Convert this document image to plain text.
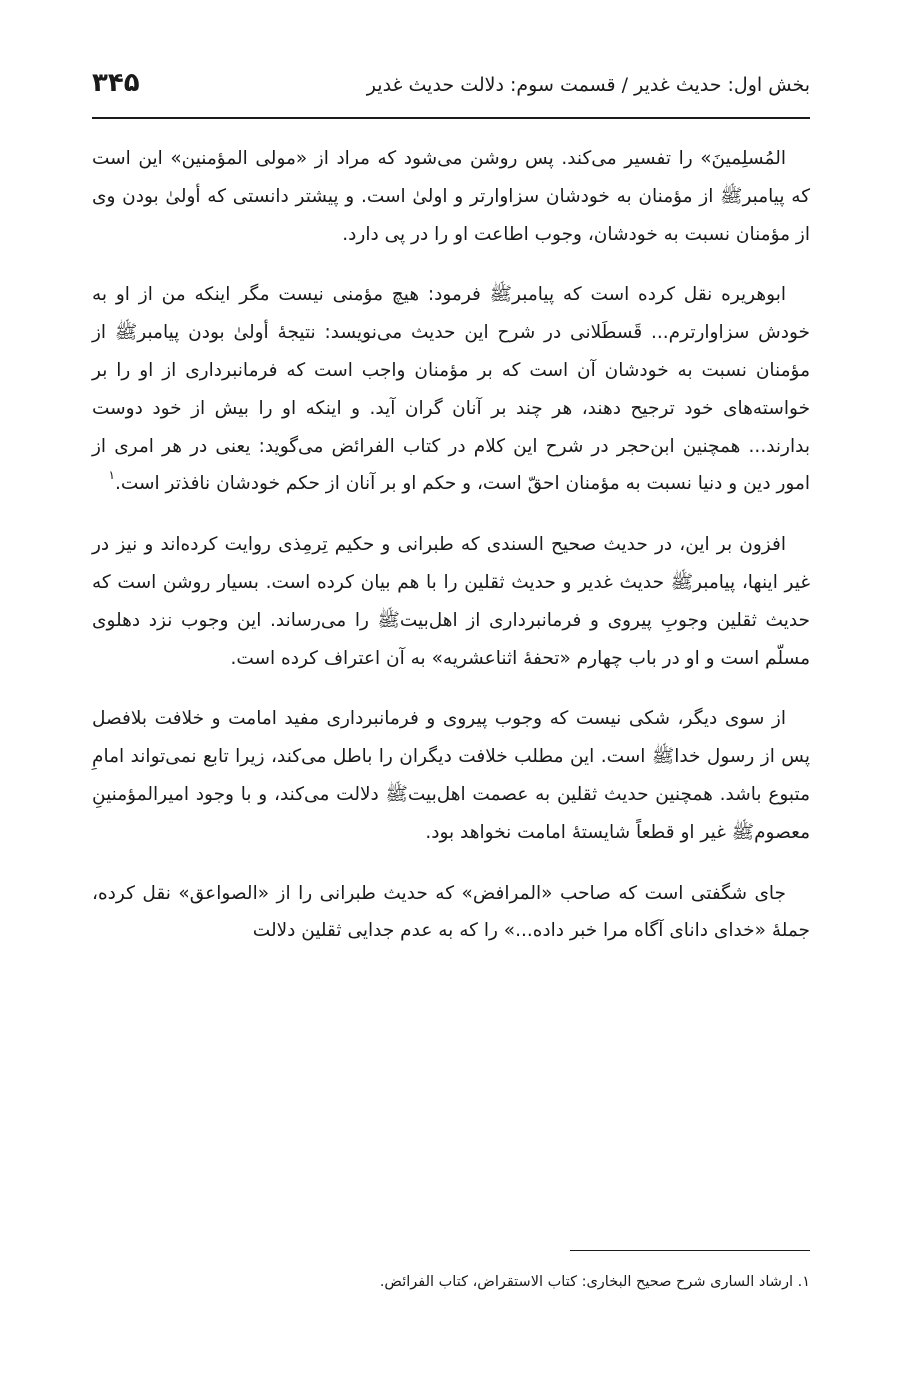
بخش اول: حديث غدير / قسمت سوم: دلالت حديث غدير
۳۴۵

المُسلِمينَ» را تفسير مى‌كند. پس روشن مى‌شود كه مراد از «مولى المؤمنين» اين است كه پيامبرﷺ از مؤمنان به خودشان سزاوارتر و اولىٰ است. و پيشتر دانستى كه أولىٰ بودن وى از مؤمنان نسبت به خودشان، وجوب اطاعت او را در پى دارد.

ابوهريره نقل كرده است كه پيامبرﷺ فرمود: هيچ مؤمنى نيست مگر اينكه من از او به خودش سزاوارترم... قَسطَلانى در شرح اين حديث مى‌نويسد: نتيجهٔ أولىٰ بودن پيامبرﷺ از مؤمنان نسبت به خودشان آن است كه بر مؤمنان واجب است كه فرمانبردارى از او را بر خواسته‌هاى خود ترجيح دهند، هر چند بر آنان گران آيد. و اينكه او را بيش از خود دوست بدارند... همچنين ابن‌حجر در شرح اين كلام در كتاب الفرائض مى‌گويد: يعنى در هر امرى از امور دين و دنيا نسبت به مؤمنان احقّ است، و حكم او بر آنان از حكم خودشان نافذتر است.$^۱$

افزون بر اين، در حديث صحيح السندى كه طبرانى و حكيم تِرمِذى روايت كرده‌اند و نيز در غير اينها، پيامبرﷺ حديث غدير و حديث ثقلين را با هم بيان كرده است. بسيار روشن است كه حديث ثقلين وجوبِ پيروى و فرمانبردارى از اهل‌بيتﷺ را مى‌رساند. اين وجوب نزد دهلوى مسلّم است و او در باب چهارم «تحفهٔ اثناعشريه» به آن اعتراف كرده است.

از سوى ديگر، شكى نيست كه وجوب پيروى و فرمانبردارى مفيد امامت و خلافت بلافصل پس از رسول خداﷺ است. اين مطلب خلافت ديگران را باطل مى‌كند، زيرا تابع نمى‌تواند امامِ متبوع باشد. همچنين حديث ثقلين به عصمت اهل‌بيتﷺ دلالت مى‌كند، و با وجود اميرالمؤمنينِ معصومﷺ غير او قطعاً شايستهٔ امامت نخواهد بود.

جاى شگفتى است كه صاحب «المرافض» كه حديث طبرانى را از «الصواعق» نقل كرده، جملهٔ «خداى داناى آگاه مرا خبر داده...» را كه به عدم جدايى ثقلين دلالت

۱. ارشاد السارى شرح صحيح البخارى: كتاب الاستقراض، كتاب الفرائض.
